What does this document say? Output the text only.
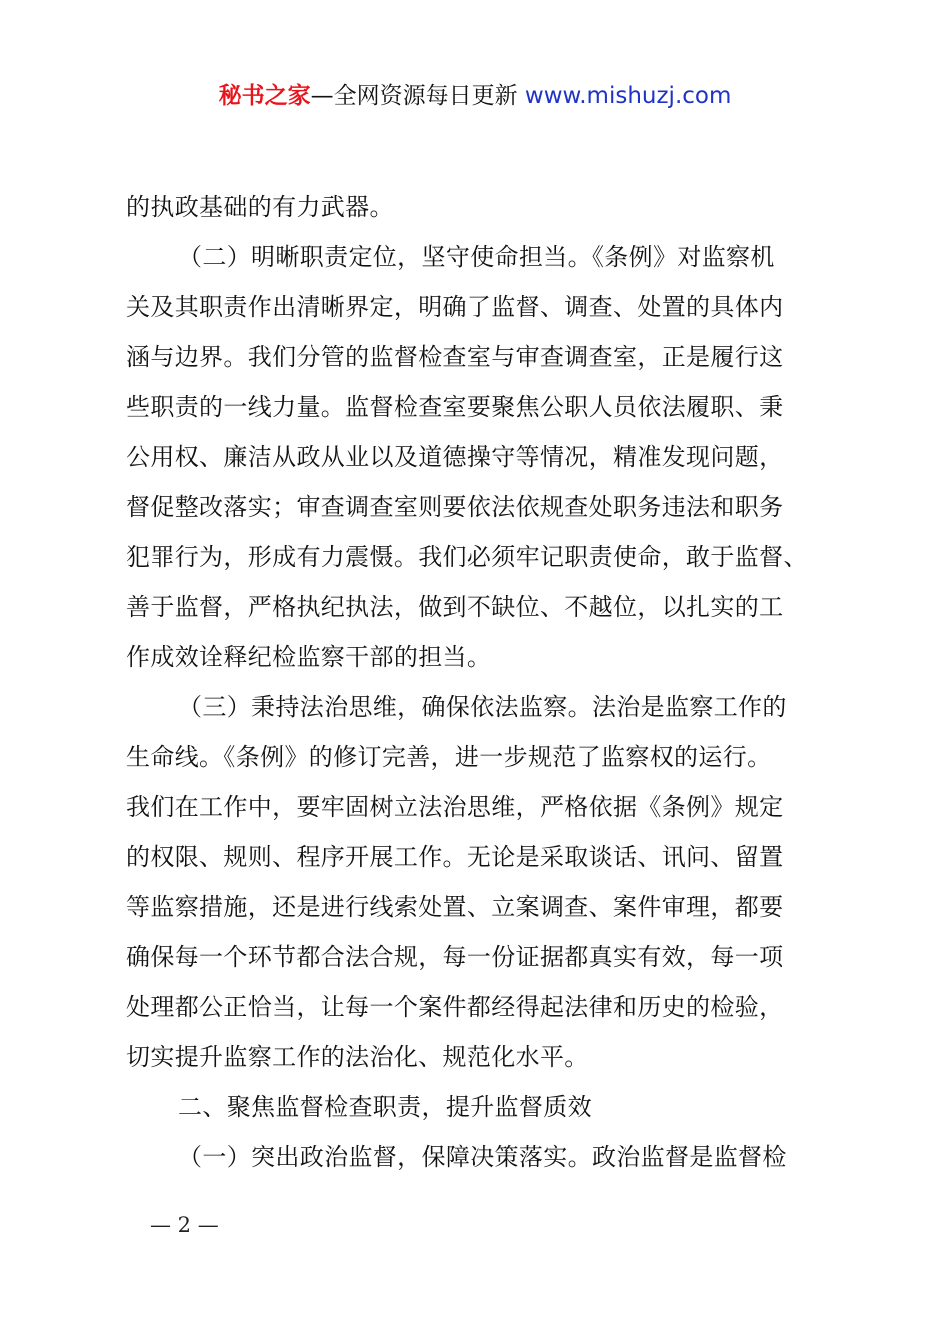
秘书之家—全网资源每日更新 www.mishuzj.com
的执政基础的有力武器。
（二）明晰职责定位，坚守使命担当。《条例》对监察机
关及其职责作出清晰界定，明确了监督、调查、处置的具体内
涵与边界。我们分管的监督检查室与审查调查室，正是履行这
些职责的一线力量。监督检查室要聚焦公职人员依法履职、秉
公用权、廉洁从政从业以及道德操守等情况，精准发现问题，
督促整改落实；审查调查室则要依法依规查处职务违法和职务
犯罪行为，形成有力震慑。我们必须牢记职责使命，敢于监督、
善于监督，严格执纪执法，做到不缺位、不越位，以扎实的工
作成效诠释纪检监察干部的担当。
（三）秉持法治思维，确保依法监察。法治是监察工作的
生命线。《条例》的修订完善，进一步规范了监察权的运行。
我们在工作中，要牢固树立法治思维，严格依据《条例》规定
的权限、规则、程序开展工作。无论是采取谈话、讯问、留置
等监察措施，还是进行线索处置、立案调查、案件审理，都要
确保每一个环节都合法合规，每一份证据都真实有效，每一项
处理都公正恰当，让每一个案件都经得起法律和历史的检验，
切实提升监察工作的法治化、规范化水平。
二、聚焦监督检查职责，提升监督质效
（一）突出政治监督，保障决策落实。政治监督是监督检
— 2 —
